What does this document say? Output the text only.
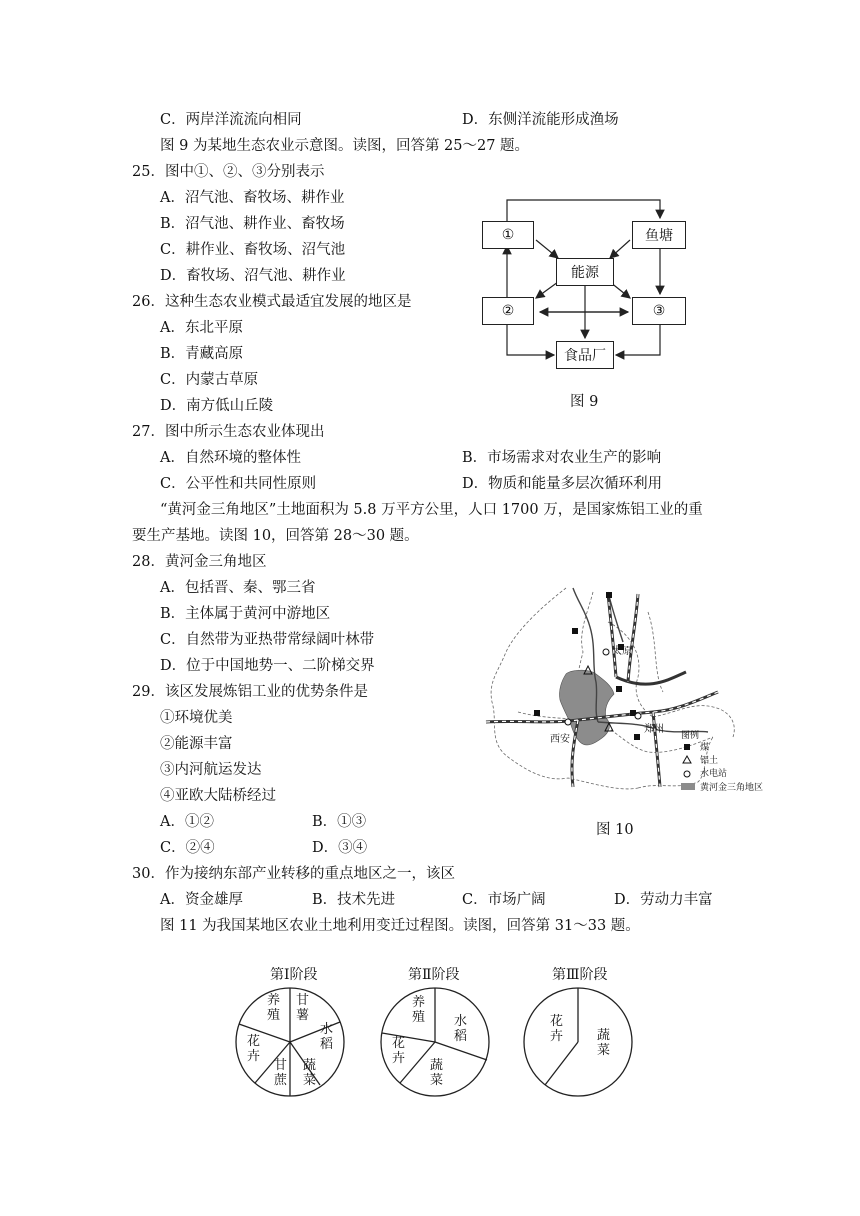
C．两岸洋流流向相同	D．东侧洋流能形成渔场
图 9 为某地生态农业示意图。读图，回答第 25～27 题。
25．图中①、②、③分别表示
A．沼气池、畜牧场、耕作业
B．沼气池、耕作业、畜牧场
C．耕作业、畜牧场、沼气池
D．畜牧场、沼气池、耕作业
26．这种生态农业模式最适宜发展的地区是
A．东北平原
B．青藏高原
C．内蒙古草原
D．南方低山丘陵
①	鱼塘
能源
②	③
食品厂
图 9
27．图中所示生态农业体现出
A．自然环境的整体性	B．市场需求对农业生产的影响
C．公平性和共同性原则	D．物质和能量多层次循环利用
“黄河金三角地区”土地面积为 5.8 万平方公里，人口 1700 万，是国家炼铝工业的重
要生产基地。读图 10，回答第 28～30 题。
28．黄河金三角地区
A．包括晋、秦、鄂三省
B．主体属于黄河中游地区
C．自然带为亚热带常绿阔叶林带
D．位于中国地势一、二阶梯交界
29．该区发展炼铝工业的优势条件是
①环境优美
②能源丰富
③内河航运发达
④亚欧大陆桥经过
A．①②	B．①③
C．②④	D．③④
太原
西安
郑州
图例
煤
铝土
水电站
黄河金三角地区
图 10
30．作为接纳东部产业转移的重点地区之一，该区
A．资金雄厚	B．技术先进	C．市场广阔	D．劳动力丰富
图 11 为我国某地区农业土地利用变迁过程图。读图，回答第 31～33 题。
第Ⅰ阶段	第Ⅱ阶段	第Ⅲ阶段
养殖
甘薯
水稻
蔬菜
甘蔗
花卉
养殖 水稻
蔬菜
花卉
花卉	蔬菜
